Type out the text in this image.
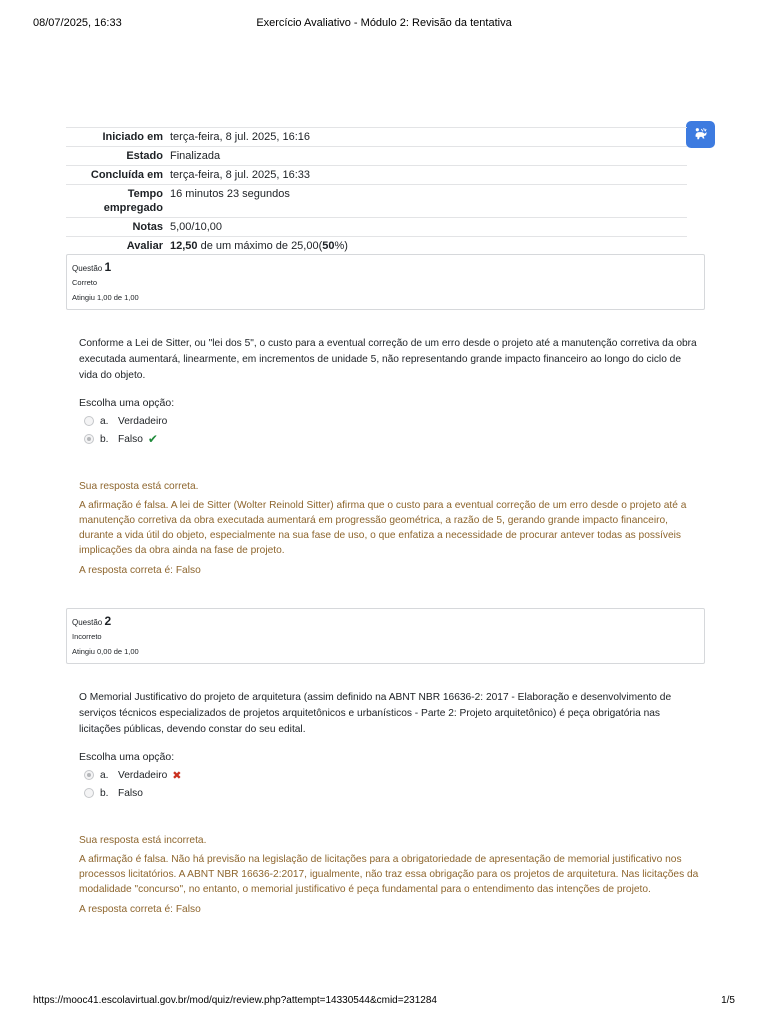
08/07/2025, 16:33	Exercício Avaliativo - Módulo 2: Revisão da tentativa
Iniciado em terça-feira, 8 jul. 2025, 16:16
Estado Finalizada
Concluída em terça-feira, 8 jul. 2025, 16:33
Tempo
empregado
16 minutos 23 segundos
Notas 5,00/10,00
Avaliar 12,50 de um máximo de 25,00(50%)
Questão 1
Correto
Atingiu 1,00 de 1,00
Conforme a Lei de Sitter, ou "lei dos 5", o custo para a eventual correção de um erro desde o projeto até a manutenção corretiva da obra executada aumentará, linearmente, em incrementos de unidade 5, não representando grande impacto financeiro ao longo do ciclo de vida do objeto.
Escolha uma opção:
a. Verdadeiro
b. Falso ✔
Sua resposta está correta.
A afirmação é falsa. A lei de Sitter (Wolter Reinold Sitter) afirma que o custo para a eventual correção de um erro desde o projeto até a manutenção corretiva da obra executada aumentará em progressão geométrica, a razão de 5, gerando grande impacto financeiro, durante a vida útil do objeto, especialmente na sua fase de uso, o que enfatiza a necessidade de procurar antever todas as possíveis implicações da obra ainda na fase de projeto.
A resposta correta é: Falso
Questão 2
Incorreto
Atingiu 0,00 de 1,00
O Memorial Justificativo do projeto de arquitetura (assim definido na ABNT NBR 16636-2: 2017 - Elaboração e desenvolvimento de serviços técnicos especializados de projetos arquitetônicos e urbanísticos - Parte 2: Projeto arquitetônico) é peça obrigatória nas licitações públicas, devendo constar do seu edital.
Escolha uma opção:
a. Verdadeiro ✖
b. Falso
Sua resposta está incorreta.
A afirmação é falsa. Não há previsão na legislação de licitações para a obrigatoriedade de apresentação de memorial justificativo nos processos licitatórios. A ABNT NBR 16636-2:2017, igualmente, não traz essa obrigação para os projetos de arquitetura. Nas licitações da modalidade "concurso", no entanto, o memorial justificativo é peça fundamental para o entendimento das intenções de projeto.
A resposta correta é: Falso
https://mooc41.escolavirtual.gov.br/mod/quiz/review.php?attempt=14330544&cmid=231284	1/5
